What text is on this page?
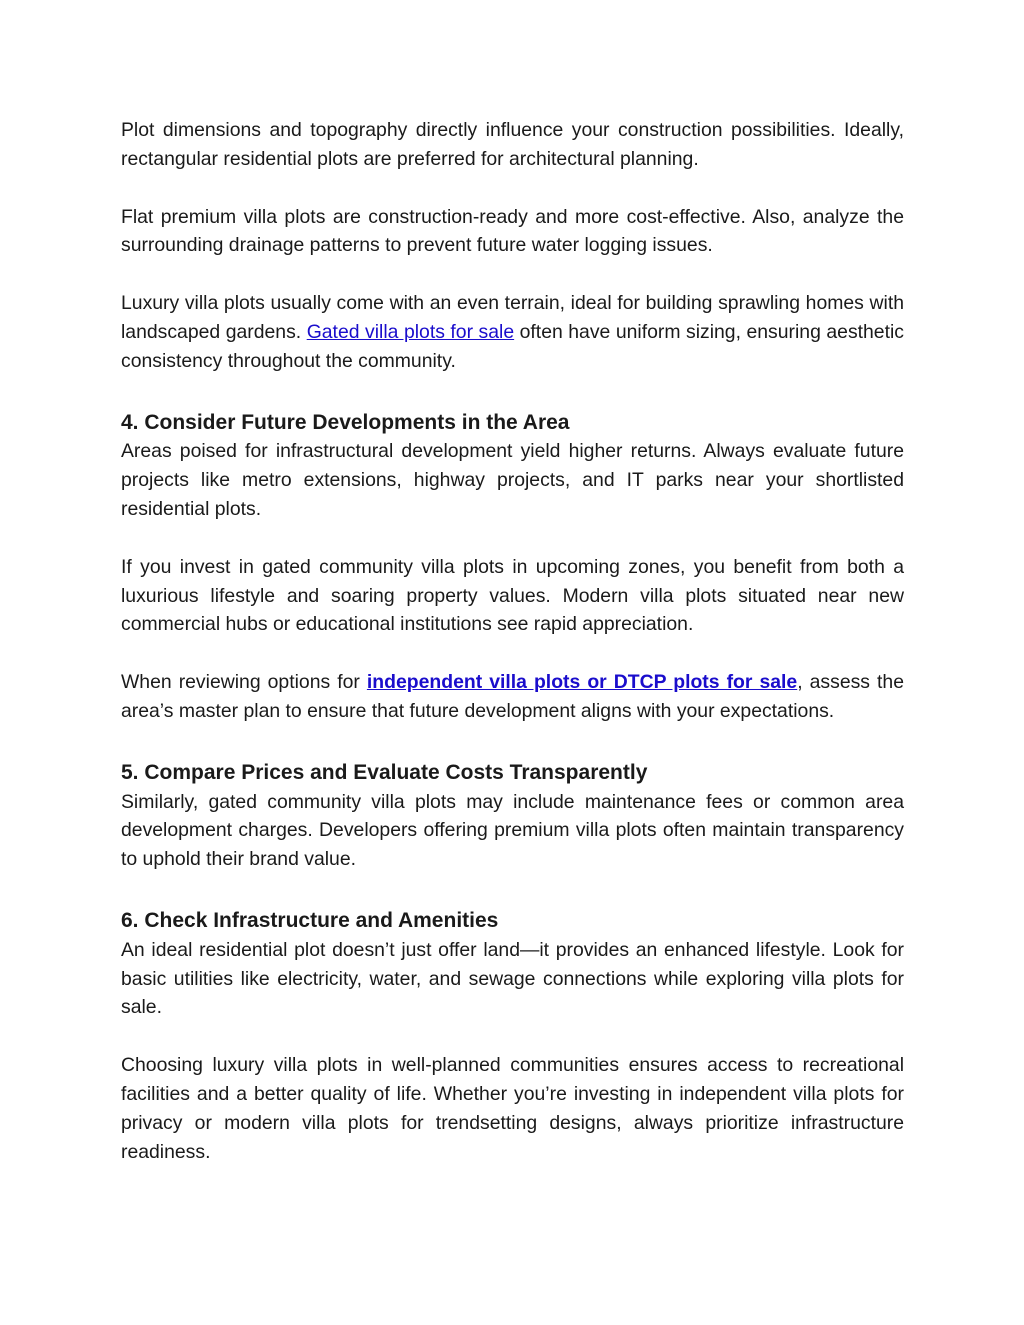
Plot dimensions and topography directly influence your construction possibilities. Ideally, rectangular residential plots are preferred for architectural planning.

Flat premium villa plots are construction-ready and more cost-effective. Also, analyze the surrounding drainage patterns to prevent future water logging issues.

Luxury villa plots usually come with an even terrain, ideal for building sprawling homes with landscaped gardens. Gated villa plots for sale often have uniform sizing, ensuring aesthetic consistency throughout the community.

4. Consider Future Developments in the Area

Areas poised for infrastructural development yield higher returns. Always evaluate future projects like metro extensions, highway projects, and IT parks near your shortlisted residential plots.

If you invest in gated community villa plots in upcoming zones, you benefit from both a luxurious lifestyle and soaring property values. Modern villa plots situated near new commercial hubs or educational institutions see rapid appreciation.

When reviewing options for independent villa plots or DTCP plots for sale, assess the area’s master plan to ensure that future development aligns with your expectations.

5. Compare Prices and Evaluate Costs Transparently

Similarly, gated community villa plots may include maintenance fees or common area development charges. Developers offering premium villa plots often maintain transparency to uphold their brand value.

6. Check Infrastructure and Amenities

An ideal residential plot doesn’t just offer land—it provides an enhanced lifestyle. Look for basic utilities like electricity, water, and sewage connections while exploring villa plots for sale.

Choosing luxury villa plots in well-planned communities ensures access to recreational facilities and a better quality of life. Whether you’re investing in independent villa plots for privacy or modern villa plots for trendsetting designs, always prioritize infrastructure readiness.
